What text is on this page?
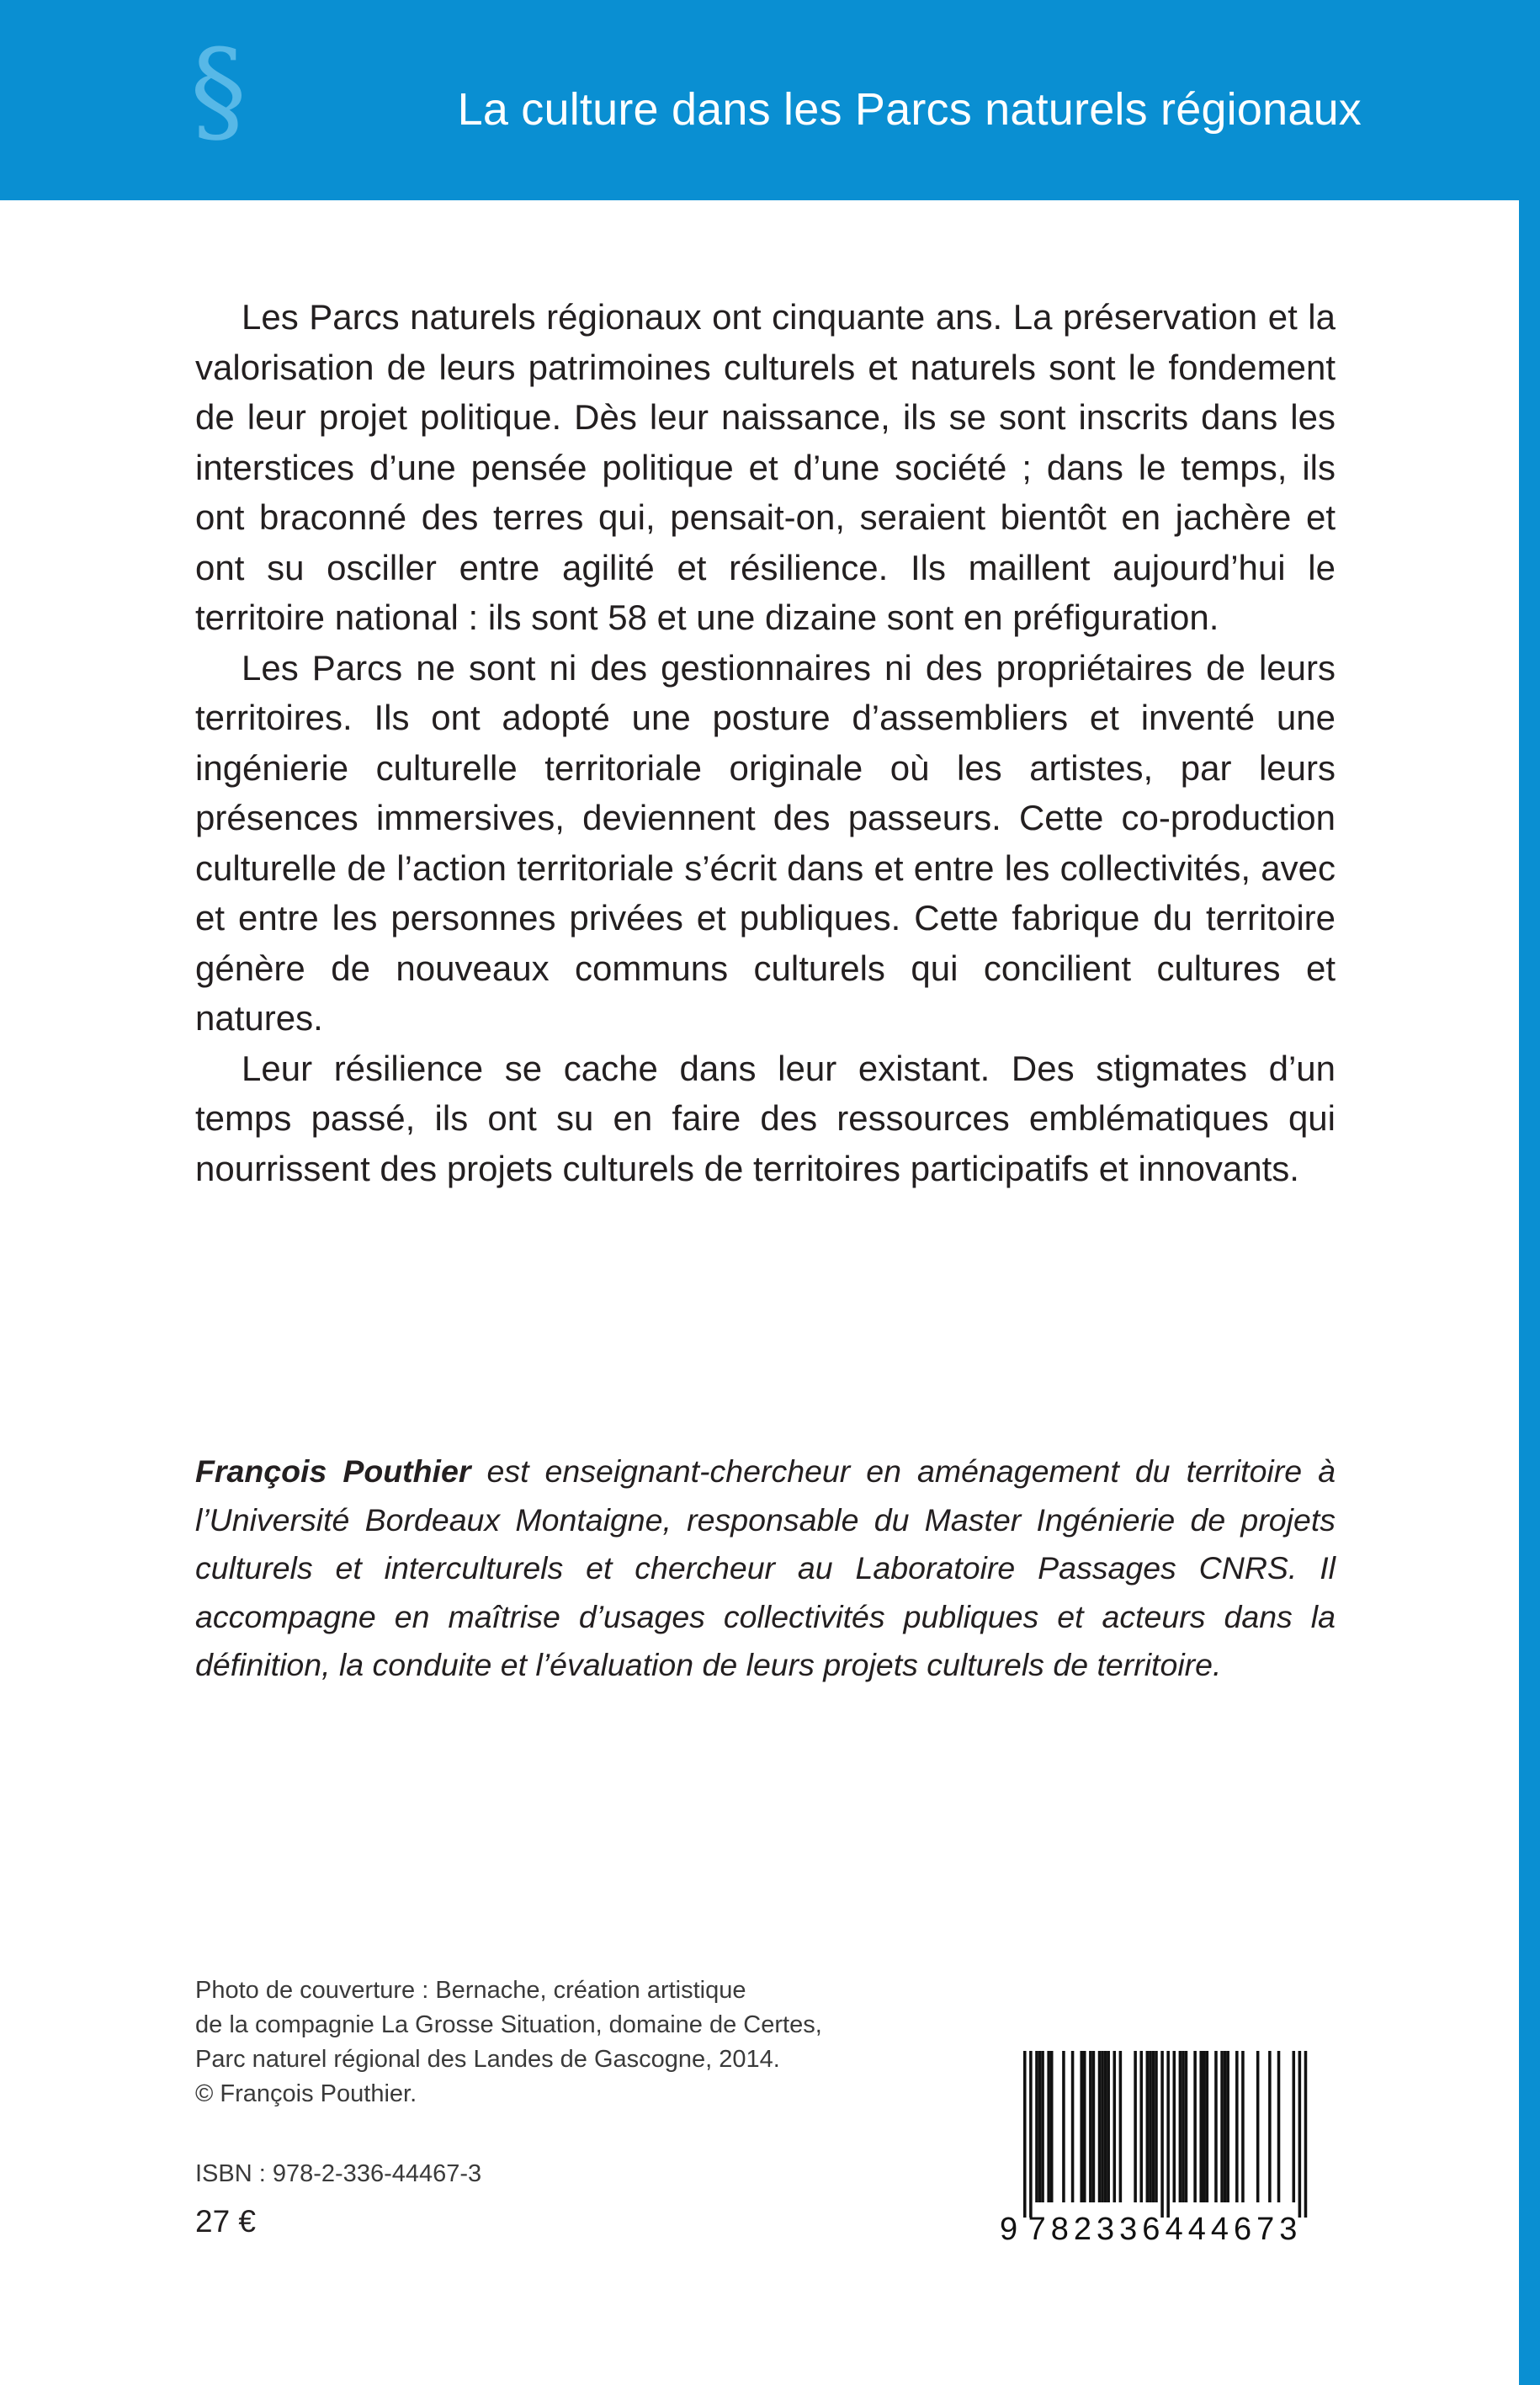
§	La culture dans les Parcs naturels régionaux

Les Parcs naturels régionaux ont cinquante ans. La préservation et la valorisation de leurs patrimoines culturels et naturels sont le fondement de leur projet politique. Dès leur naissance, ils se sont inscrits dans les interstices d’une pensée politique et d’une société ; dans le temps, ils ont braconné des terres qui, pensait-on, seraient bientôt en jachère et ont su osciller entre agilité et résilience. Ils maillent aujourd’hui le territoire national : ils sont 58 et une dizaine sont en préfiguration.

Les Parcs ne sont ni des gestionnaires ni des propriétaires de leurs territoires. Ils ont adopté une posture d’assembliers et inventé une ingénierie culturelle territoriale originale où les artistes, par leurs présences immersives, deviennent des passeurs. Cette co-production culturelle de l’action territoriale s’écrit dans et entre les collectivités, avec et entre les personnes privées et publiques. Cette fabrique du territoire génère de nouveaux communs culturels qui concilient cultures et natures.

Leur résilience se cache dans leur existant. Des stigmates d’un temps passé, ils ont su en faire des ressources emblématiques qui nourrissent des projets culturels de territoires participatifs et innovants.

François Pouthier est enseignant-chercheur en aménagement du territoire à l’Université Bordeaux Montaigne, responsable du Master Ingénierie de projets culturels et interculturels et chercheur au Laboratoire Passages CNRS. Il accompagne en maîtrise d’usages collectivités publiques et acteurs dans la définition, la conduite et l’évaluation de leurs projets culturels de territoire.

Photo de couverture : Bernache, création artistique
de la compagnie La Grosse Situation, domaine de Certes,
Parc naturel régional des Landes de Gascogne, 2014.
© François Pouthier.
ISBN : 978-2-336-44467-3
27 €	9 782336 444673
